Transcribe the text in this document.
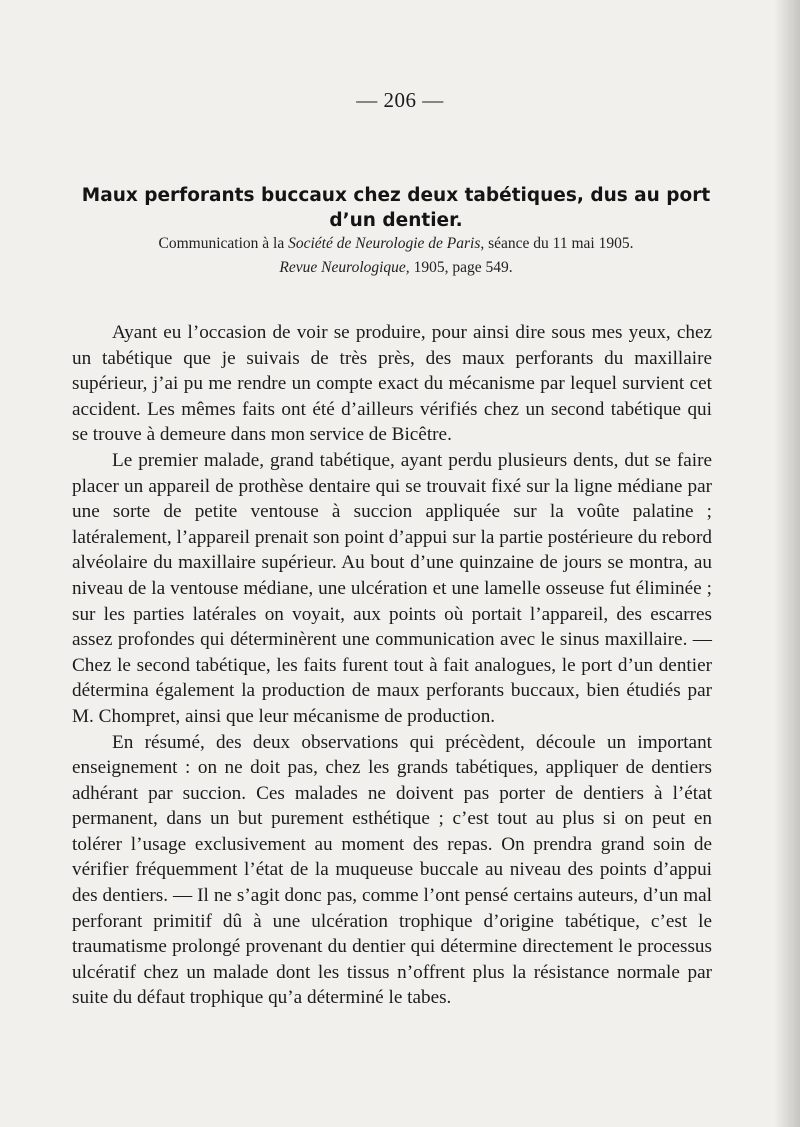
— 206 —
Maux perforants buccaux chez deux tabétiques, dus au port d’un dentier.

Communication à la Société de Neurologie de Paris, séance du 11 mai 1905.

Revue Neurologique, 1905, page 549.

Ayant eu l’occasion de voir se produire, pour ainsi dire sous mes yeux, chez un tabétique que je suivais de très près, des maux perforants du maxillaire supérieur, j’ai pu me rendre un compte exact du mécanisme par lequel survient cet accident. Les mêmes faits ont été d’ailleurs vérifiés chez un second tabétique qui se trouve à demeure dans mon service de Bicêtre.

Le premier malade, grand tabétique, ayant perdu plusieurs dents, dut se faire placer un appareil de prothèse dentaire qui se trouvait fixé sur la ligne médiane par une sorte de petite ventouse à succion appliquée sur la voûte palatine ; latéralement, l’appareil prenait son point d’appui sur la partie postérieure du rebord alvéolaire du maxillaire supérieur. Au bout d’une quinzaine de jours se montra, au niveau de la ventouse médiane, une ulcération et une lamelle osseuse fut éliminée ; sur les parties latérales on voyait, aux points où portait l’appareil, des escarres assez profondes qui déterminèrent une communication avec le sinus maxillaire. — Chez le second tabétique, les faits furent tout à fait analogues, le port d’un dentier détermina également la production de maux perforants buccaux, bien étudiés par M. Chompret, ainsi que leur mécanisme de production.

En résumé, des deux observations qui précèdent, découle un important enseignement : on ne doit pas, chez les grands tabétiques, appliquer de dentiers adhérant par succion. Ces malades ne doivent pas porter de dentiers à l’état permanent, dans un but purement esthétique ; c’est tout au plus si on peut en tolérer l’usage exclusivement au moment des repas. On prendra grand soin de vérifier fréquemment l’état de la muqueuse buccale au niveau des points d’appui des dentiers. — Il ne s’agit donc pas, comme l’ont pensé certains auteurs, d’un mal perforant primitif dû à une ulcération trophique d’origine tabétique, c’est le traumatisme prolongé provenant du dentier qui détermine directement le processus ulcératif chez un malade dont les tissus n’offrent plus la résistance normale par suite du défaut trophique qu’a déterminé le tabes.
